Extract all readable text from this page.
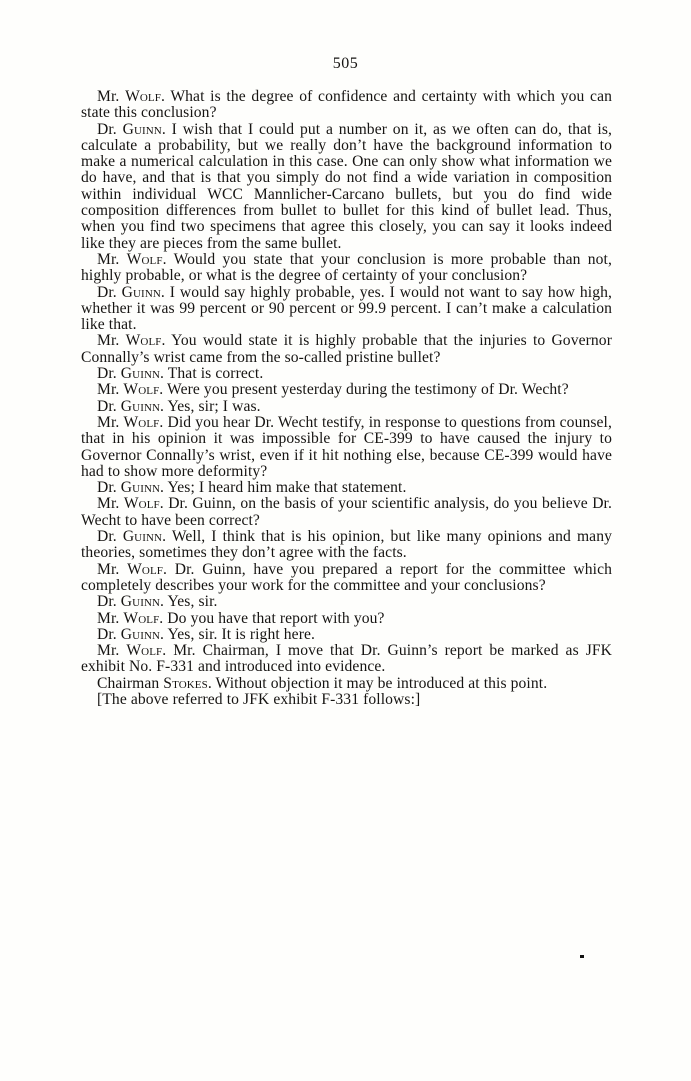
505

Mr. Wolf. What is the degree of confidence and certainty with which you can state this conclusion?

Dr. Guinn. I wish that I could put a number on it, as we often can do, that is, calculate a probability, but we really don’t have the background information to make a numerical calculation in this case. One can only show what information we do have, and that is that you simply do not find a wide variation in composition within individual WCC Mannlicher-Carcano bullets, but you do find wide composition differences from bullet to bullet for this kind of bullet lead. Thus, when you find two specimens that agree this closely, you can say it looks indeed like they are pieces from the same bullet.

Mr. Wolf. Would you state that your conclusion is more probable than not, highly probable, or what is the degree of certainty of your conclusion?

Dr. Guinn. I would say highly probable, yes. I would not want to say how high, whether it was 99 percent or 90 percent or 99.9 percent. I can’t make a calculation like that.

Mr. Wolf. You would state it is highly probable that the injuries to Governor Connally’s wrist came from the so-called pristine bullet?

Dr. Guinn. That is correct.

Mr. Wolf. Were you present yesterday during the testimony of Dr. Wecht?

Dr. Guinn. Yes, sir; I was.

Mr. Wolf. Did you hear Dr. Wecht testify, in response to questions from counsel, that in his opinion it was impossible for CE-399 to have caused the injury to Governor Connally’s wrist, even if it hit nothing else, because CE-399 would have had to show more deformity?

Dr. Guinn. Yes; I heard him make that statement.

Mr. Wolf. Dr. Guinn, on the basis of your scientific analysis, do you believe Dr. Wecht to have been correct?

Dr. Guinn. Well, I think that is his opinion, but like many opinions and many theories, sometimes they don’t agree with the facts.

Mr. Wolf. Dr. Guinn, have you prepared a report for the committee which completely describes your work for the committee and your conclusions?

Dr. Guinn. Yes, sir.

Mr. Wolf. Do you have that report with you?

Dr. Guinn. Yes, sir. It is right here.

Mr. Wolf. Mr. Chairman, I move that Dr. Guinn’s report be marked as JFK exhibit No. F-331 and introduced into evidence.

Chairman Stokes. Without objection it may be introduced at this point.

[The above referred to JFK exhibit F-331 follows:]
